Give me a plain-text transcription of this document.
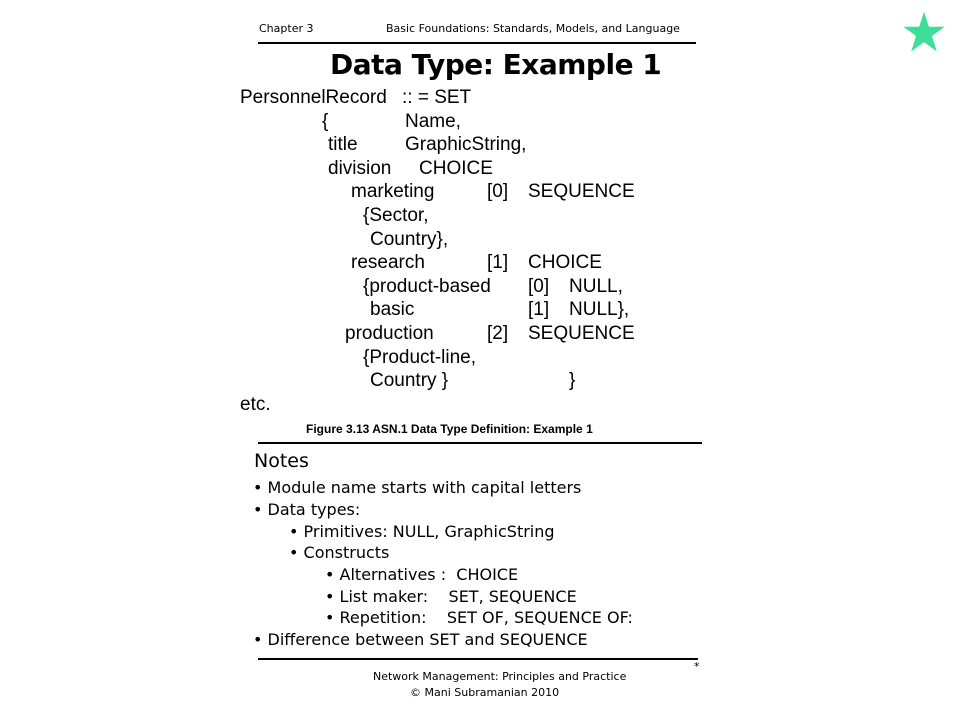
Chapter 3	Basic Foundations: Standards, Models, and Language
Data Type: Example 1
PersonnelRecord :: = SET
{	Name,
title GraphicString,
division CHOICE
marketing	[0] SEQUENCE
{Sector,
Country},
research	[1] CHOICE
{product-based [0] NULL,
basic	[1] NULL},
production	[2] SEQUENCE
{Product-line,
Country }	}
etc.
Figure 3.13 ASN.1 Data Type Definition: Example 1
Notes
• Module name starts with capital letters
• Data types:
• Primitives: NULL, GraphicString
• Constructs
• Alternatives :  CHOICE
• List maker:    SET, SEQUENCE
• Repetition:    SET OF, SEQUENCE OF:
• Difference between SET and SEQUENCE
*
Network Management: Principles and Practice
© Mani Subramanian 2010
